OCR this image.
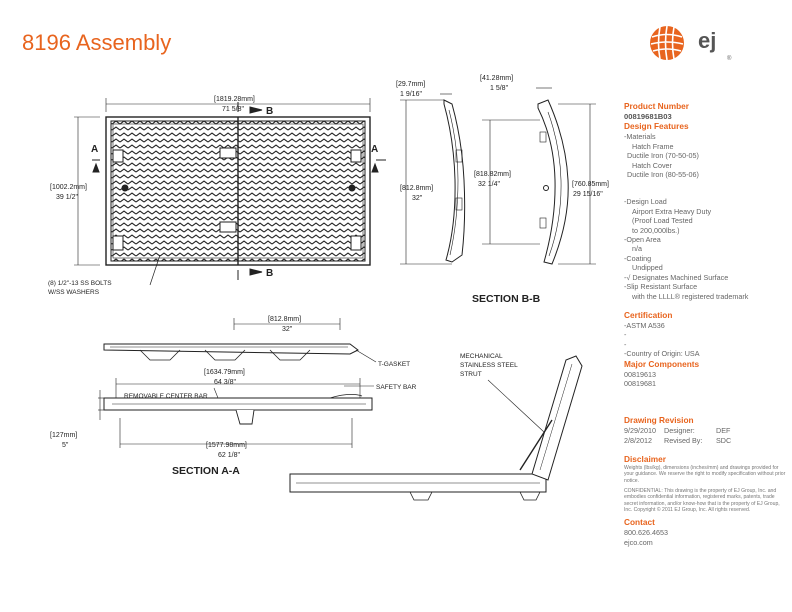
8196 Assembly	ej
®
[1819.28mm]
71 5/8"
[1002.2mm]
39 1/2"
B
B
A	A
(8) 1/2"-13 SS BOLTS
W/SS WASHERS
[29.7mm]
1 9/16"
[41.28mm]
1 5/8"
[818.82mm]
32 1/4"
[812.8mm]
32"
[760.85mm]
29 15/16"
SECTION B-B
[812.8mm]
32"
[1634.79mm]
64 3/8"
[127mm]
5"	[1577.98mm]
62 1/8"
T-GASKET
SAFETY BAR
REMOVABLE CENTER BAR
SECTION A-A
MECHANICAL
STAINLESS STEEL
STRUT
Product Number
00819681B03
Design Features
-Materials
Hatch Frame
Ductile Iron (70-50-05)
Hatch Cover
Ductile Iron (80-55-06)
-Design Load
Airport Extra Heavy Duty
(Proof Load Tested
to 200,000lbs.)
-Open Area
n/a
-Coating
Undipped
-√ Designates Machined Surface
-Slip Resistant Surface
with the LLLL® registered trademark
Certification
-ASTM A536
-
-
-Country of Origin: USA
Major Components
00819613
00819681
Drawing Revision
9/29/2010	Designer:	DEF
2/8/2012	Revised By:	SDC
Disclaimer
Weights (lbs/kg), dimensions (inches/mm) and drawings provided for your guidance. We reserve the right to modify specification without prior notice.
CONFIDENTIAL: This drawing is the property of EJ Group, Inc. and embodies confidential information, registered marks, patents, trade secret information, and/or know-how that is the property of EJ Group, Inc. Copyright © 2011 EJ Group, Inc. All rights reserved.
Contact
800.626.4653
ejco.com
